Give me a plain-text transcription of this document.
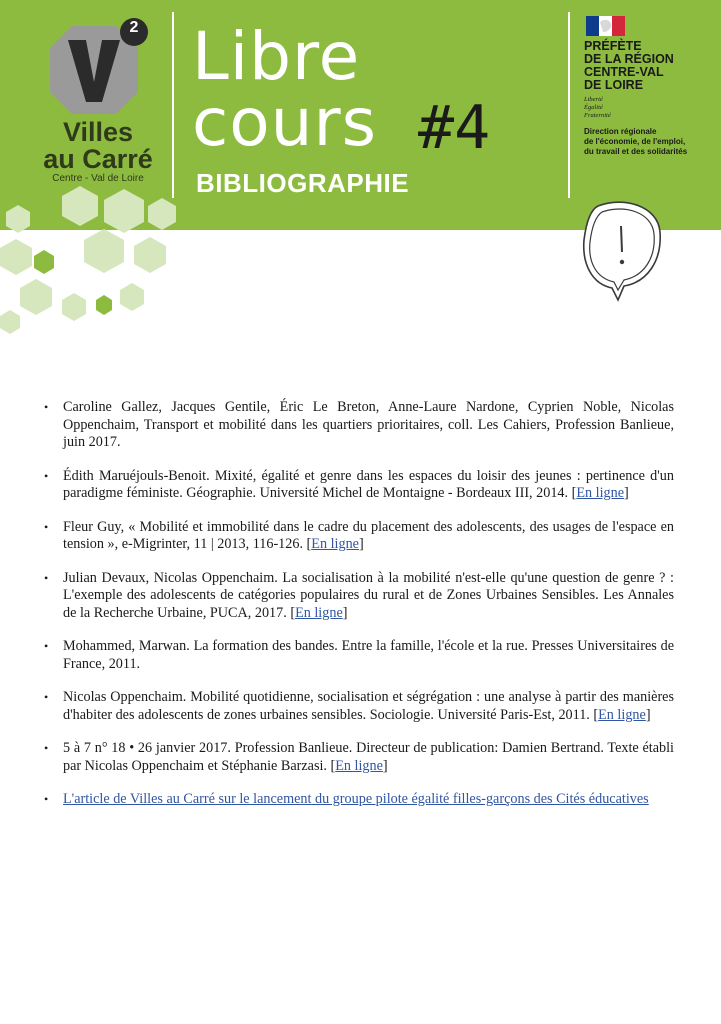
2
Villes
au Carré
Centre - Val de Loire
Libre
cours #4
BIBLIOGRAPHIE
PRÉFÈTE
DE LA RÉGION
CENTRE-VAL
DE LOIRE
Liberté
Égalité
Fraternité
Direction régionale
de l'économie, de l'emploi,
du travail et des solidarités
• Caroline Gallez, Jacques Gentile, Éric Le Breton, Anne-Laure Nardone, Cyprien Noble, Nicolas Oppenchaim, Transport et mobilité dans les quartiers prioritaires, coll. Les Cahiers, Profession Banlieue, juin 2017.
• Édith Maruéjouls-Benoit. Mixité, égalité et genre dans les espaces du loisir des jeunes : pertinence d'un paradigme féministe. Géographie. Université Michel de Montaigne - Bordeaux III, 2014. [En ligne]
• Fleur Guy, « Mobilité et immobilité dans le cadre du placement des adolescents, des usages de l'espace en tension », e-Migrinter, 11 | 2013, 116-126. [En ligne]
• Julian Devaux, Nicolas Oppenchaim. La socialisation à la mobilité n'est-elle qu'une question de genre ? : L'exemple des adolescents de catégories populaires du rural et de Zones Urbaines Sensibles. Les Annales de la Recherche Urbaine, PUCA, 2017. [En ligne]
• Mohammed, Marwan. La formation des bandes. Entre la famille, l'école et la rue. Presses Universitaires de France, 2011.
• Nicolas Oppenchaim. Mobilité quotidienne, socialisation et ségrégation : une analyse à partir des manières d'habiter des adolescents de zones urbaines sensibles. Sociologie. Université Paris-Est, 2011. [En ligne]
• 5 à 7 n° 18 • 26 janvier 2017. Profession Banlieue. Directeur de publication: Damien Bertrand. Texte établi par Nicolas Oppenchaim et Stéphanie Barzasi. [En ligne]
• L'article de Villes au Carré sur le lancement du groupe pilote égalité filles-garçons des Cités éducatives
